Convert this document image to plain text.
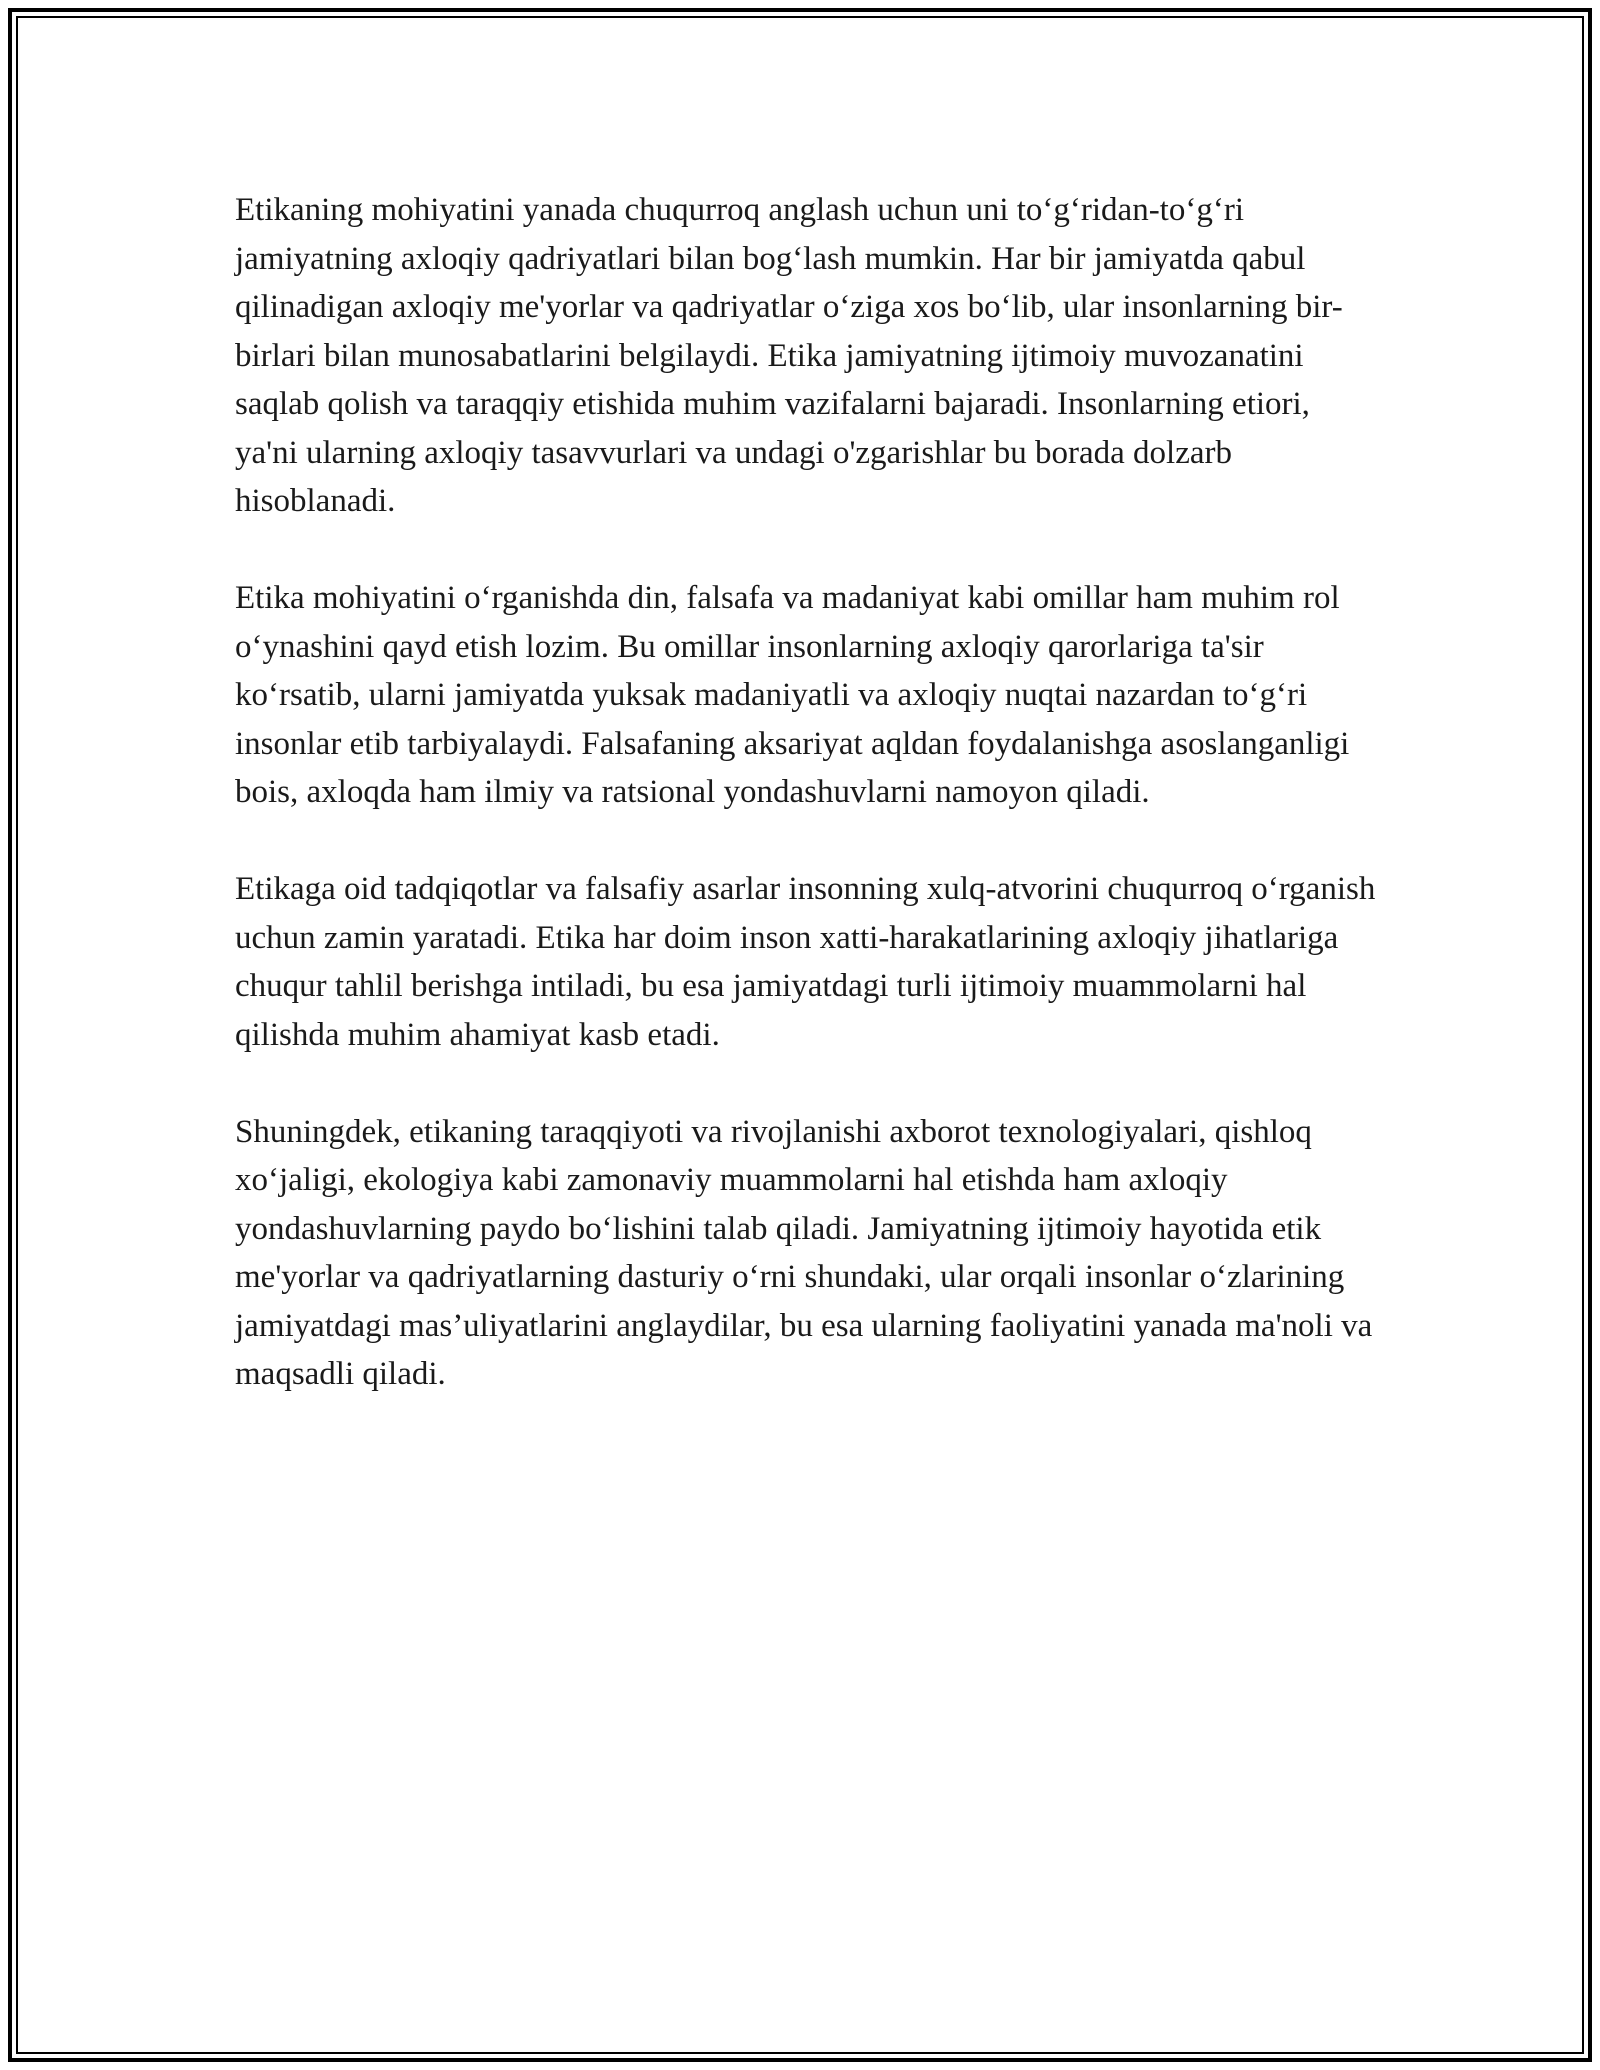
Etikaning mohiyatini yanada chuqurroq anglash uchun uni to‘g‘ridan-to‘g‘ri jamiyatning axloqiy qadriyatlari bilan bog‘lash mumkin. Har bir jamiyatda qabul qilinadigan axloqiy me'yorlar va qadriyatlar o‘ziga xos bo‘lib, ular insonlarning bir-birlari bilan munosabatlarini belgilaydi. Etika jamiyatning ijtimoiy muvozanatini saqlab qolish va taraqqiy etishida muhim vazifalarni bajaradi. Insonlarning etiori, ya'ni ularning axloqiy tasavvurlari va undagi o'zgarishlar bu borada dolzarb hisoblanadi.

Etika mohiyatini o‘rganishda din, falsafa va madaniyat kabi omillar ham muhim rol o‘ynashini qayd etish lozim. Bu omillar insonlarning axloqiy qarorlariga ta'sir ko‘rsatib, ularni jamiyatda yuksak madaniyatli va axloqiy nuqtai nazardan to‘g‘ri insonlar etib tarbiyalaydi. Falsafaning aksariyat aqldan foydalanishga asoslanganligi bois, axloqda ham ilmiy va ratsional yondashuvlarni namoyon qiladi.

Etikaga oid tadqiqotlar va falsafiy asarlar insonning xulq-atvorini chuqurroq o‘rganish uchun zamin yaratadi. Etika har doim inson xatti-harakatlarining axloqiy jihatlariga chuqur tahlil berishga intiladi, bu esa jamiyatdagi turli ijtimoiy muammolarni hal qilishda muhim ahamiyat kasb etadi.

Shuningdek, etikaning taraqqiyoti va rivojlanishi axborot texnologiyalari, qishloq xo‘jaligi, ekologiya kabi zamonaviy muammolarni hal etishda ham axloqiy yondashuvlarning paydo bo‘lishini talab qiladi. Jamiyatning ijtimoiy hayotida etik me'yorlar va qadriyatlarning dasturiy o‘rni shundaki, ular orqali insonlar o‘zlarining jamiyatdagi mas’uliyatlarini anglaydilar, bu esa ularning faoliyatini yanada ma'noli va maqsadli qiladi.
